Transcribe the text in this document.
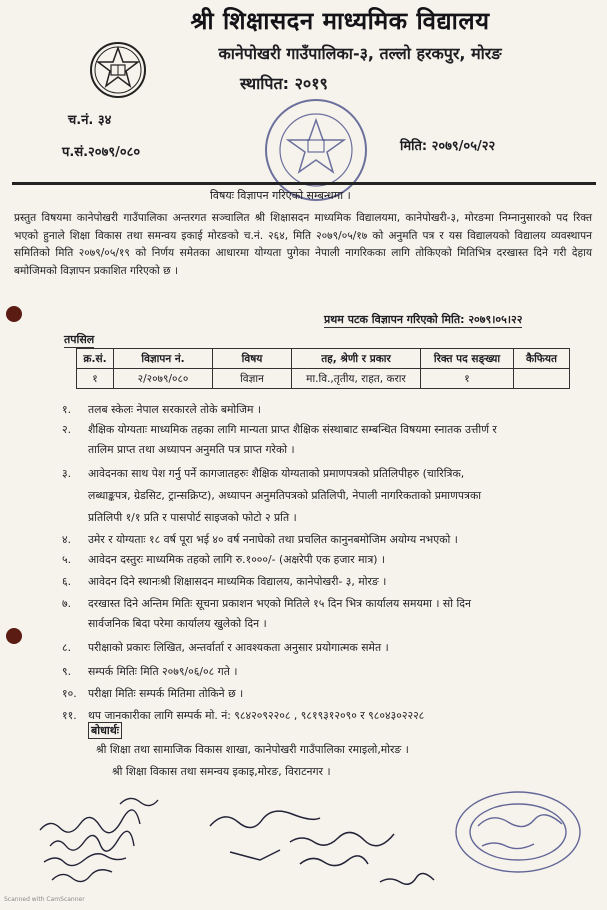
श्री शिक्षासदन माध्यमिक विद्यालय
कानेपोखरी गाउँपालिका-३, तल्लो हरकपुर, मोरङ
स्थापित: २०१९
च.नं. ३४
प.सं.२०७९/०८०	मिति: २०७९/०५/२२
विषयः विज्ञापन गरिएको सम्बन्धमा ।
प्रस्तुत विषयमा कानेपोखरी गाउँपालिका अन्तरगत सञ्चालित श्री शिक्षासदन माध्यमिक विद्यालयमा, कानेपोखरी-३, मोरङमा निम्नानुसारको पद रिक्त भएको हुनाले शिक्षा विकास तथा समन्वय इकाई मोरङको च.नं. २६४, मिति २०७९/०५/१७ को अनुमति पत्र र यस विद्यालयको विद्यालय व्यवस्थापन समितिको मिति २०७९/०५/१९ को निर्णय समेतका आधारमा योग्यता पुगेका नेपाली नागरिकका लागि तोकिएको मितिभित्र दरखास्त दिने गरी देहाय बमोजिमको विज्ञापन प्रकाशित गरिएको छ ।
प्रथम पटक विज्ञापन गरिएको मिति: २०७९।०५।२२
तपसिल
क्र.सं.	विज्ञापन नं.	विषय	तह, श्रेणी र प्रकार	रिक्त पद सङ्ख्या	कैफियत
१	२/२०७९/०८०	विज्ञान	मा.वि.,तृतीय, राहत, करार	१	
१.	तलब स्केलः नेपाल सरकारले तोके बमोजिम ।
२.	शैक्षिक योग्यताः माध्यमिक तहका लागि मान्यता प्राप्त शैक्षिक संस्थाबाट सम्बन्धित विषयमा स्नातक उत्तीर्ण र
तालिम प्राप्त तथा अध्यापन अनुमति पत्र प्राप्त गरेको ।
३.	आवेदनका साथ पेश गर्नु पर्ने कागजातहरुः शैक्षिक योग्यताको प्रमाणपत्रको प्रतिलिपीहरु (चारित्रिक,
लब्धाङ्कपत्र, ग्रेडसिट, ट्रान्सक्रिप्ट), अध्यापन अनुमतिपत्रको प्रतिलिपी, नेपाली नागरिकताको प्रमाणपत्रका
प्रतिलिपी १/१ प्रति र पासपोर्ट साइजको फोटो २ प्रति ।
४.	उमेर र योग्यताः १८ वर्ष पूरा भई ४० वर्ष ननाघेको तथा प्रचलित कानुनबमोजिम अयोग्य नभएको ।
५.	आवेदन दस्तुरः माध्यमिक तहको लागि रु.१०००/- (अक्षरेपी एक हजार मात्र) ।
६.	आवेदन दिने स्थानःश्री शिक्षासदन माध्यमिक विद्यालय, कानेपोखरी- ३, मोरङ ।
७.	दरखास्त दिने अन्तिम मितिः सूचना प्रकाशन भएको मितिले १५ दिन भित्र कार्यालय समयमा । सो दिन
सार्वजनिक बिदा परेमा कार्यालय खुलेको दिन ।
८.	परीक्षाको प्रकारः लिखित, अन्तर्वार्ता र आवश्यकता अनुसार प्रयोगात्मक समेत ।
९.	सम्पर्क मितिः मिति २०७९/०६/०८ गते ।
१०.	परीक्षा मितिः सम्पर्क मितिमा तोकिने छ ।
११.	थप जानकारीका लागि सम्पर्क मो. नं: ९८४२०९२२०८ , ९८१९३१२०९० र ९८०४३०२२२८
बोधार्थः
श्री शिक्षा तथा सामाजिक विकास शाखा, कानेपोखरी गाउँपालिका रमाइलो,मोरङ ।
श्री शिक्षा विकास तथा समन्वय इकाइ,मोरङ, विराटनगर ।
Scanned with CamScanner
